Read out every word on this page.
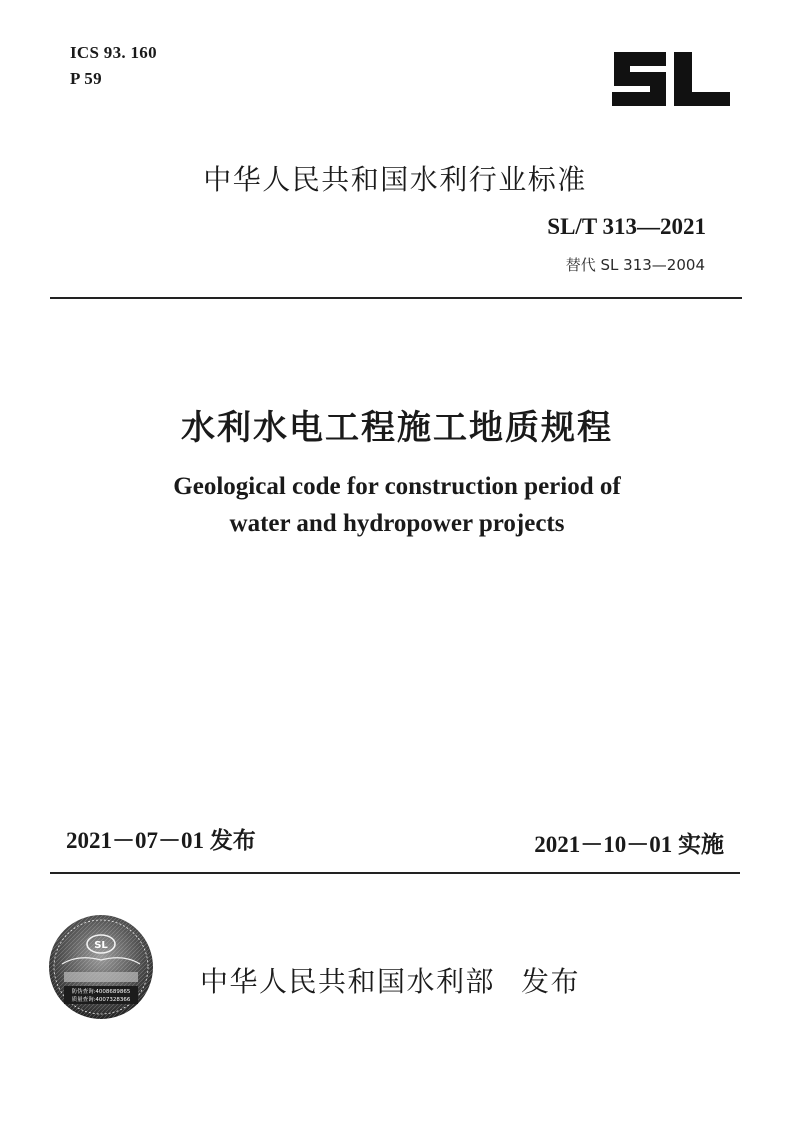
ICS 93. 160
P 59
中华人民共和国水利行业标准
SL/T 313—2021
替代 SL 313—2004
水利水电工程施工地质规程
Geological code for construction period of
water and hydropower projects
2021－07－01 发布	2021－10－01 实施
SL
防伪查询:4008689865
质量查询:4007328366
中华人民共和国水利部 发布
